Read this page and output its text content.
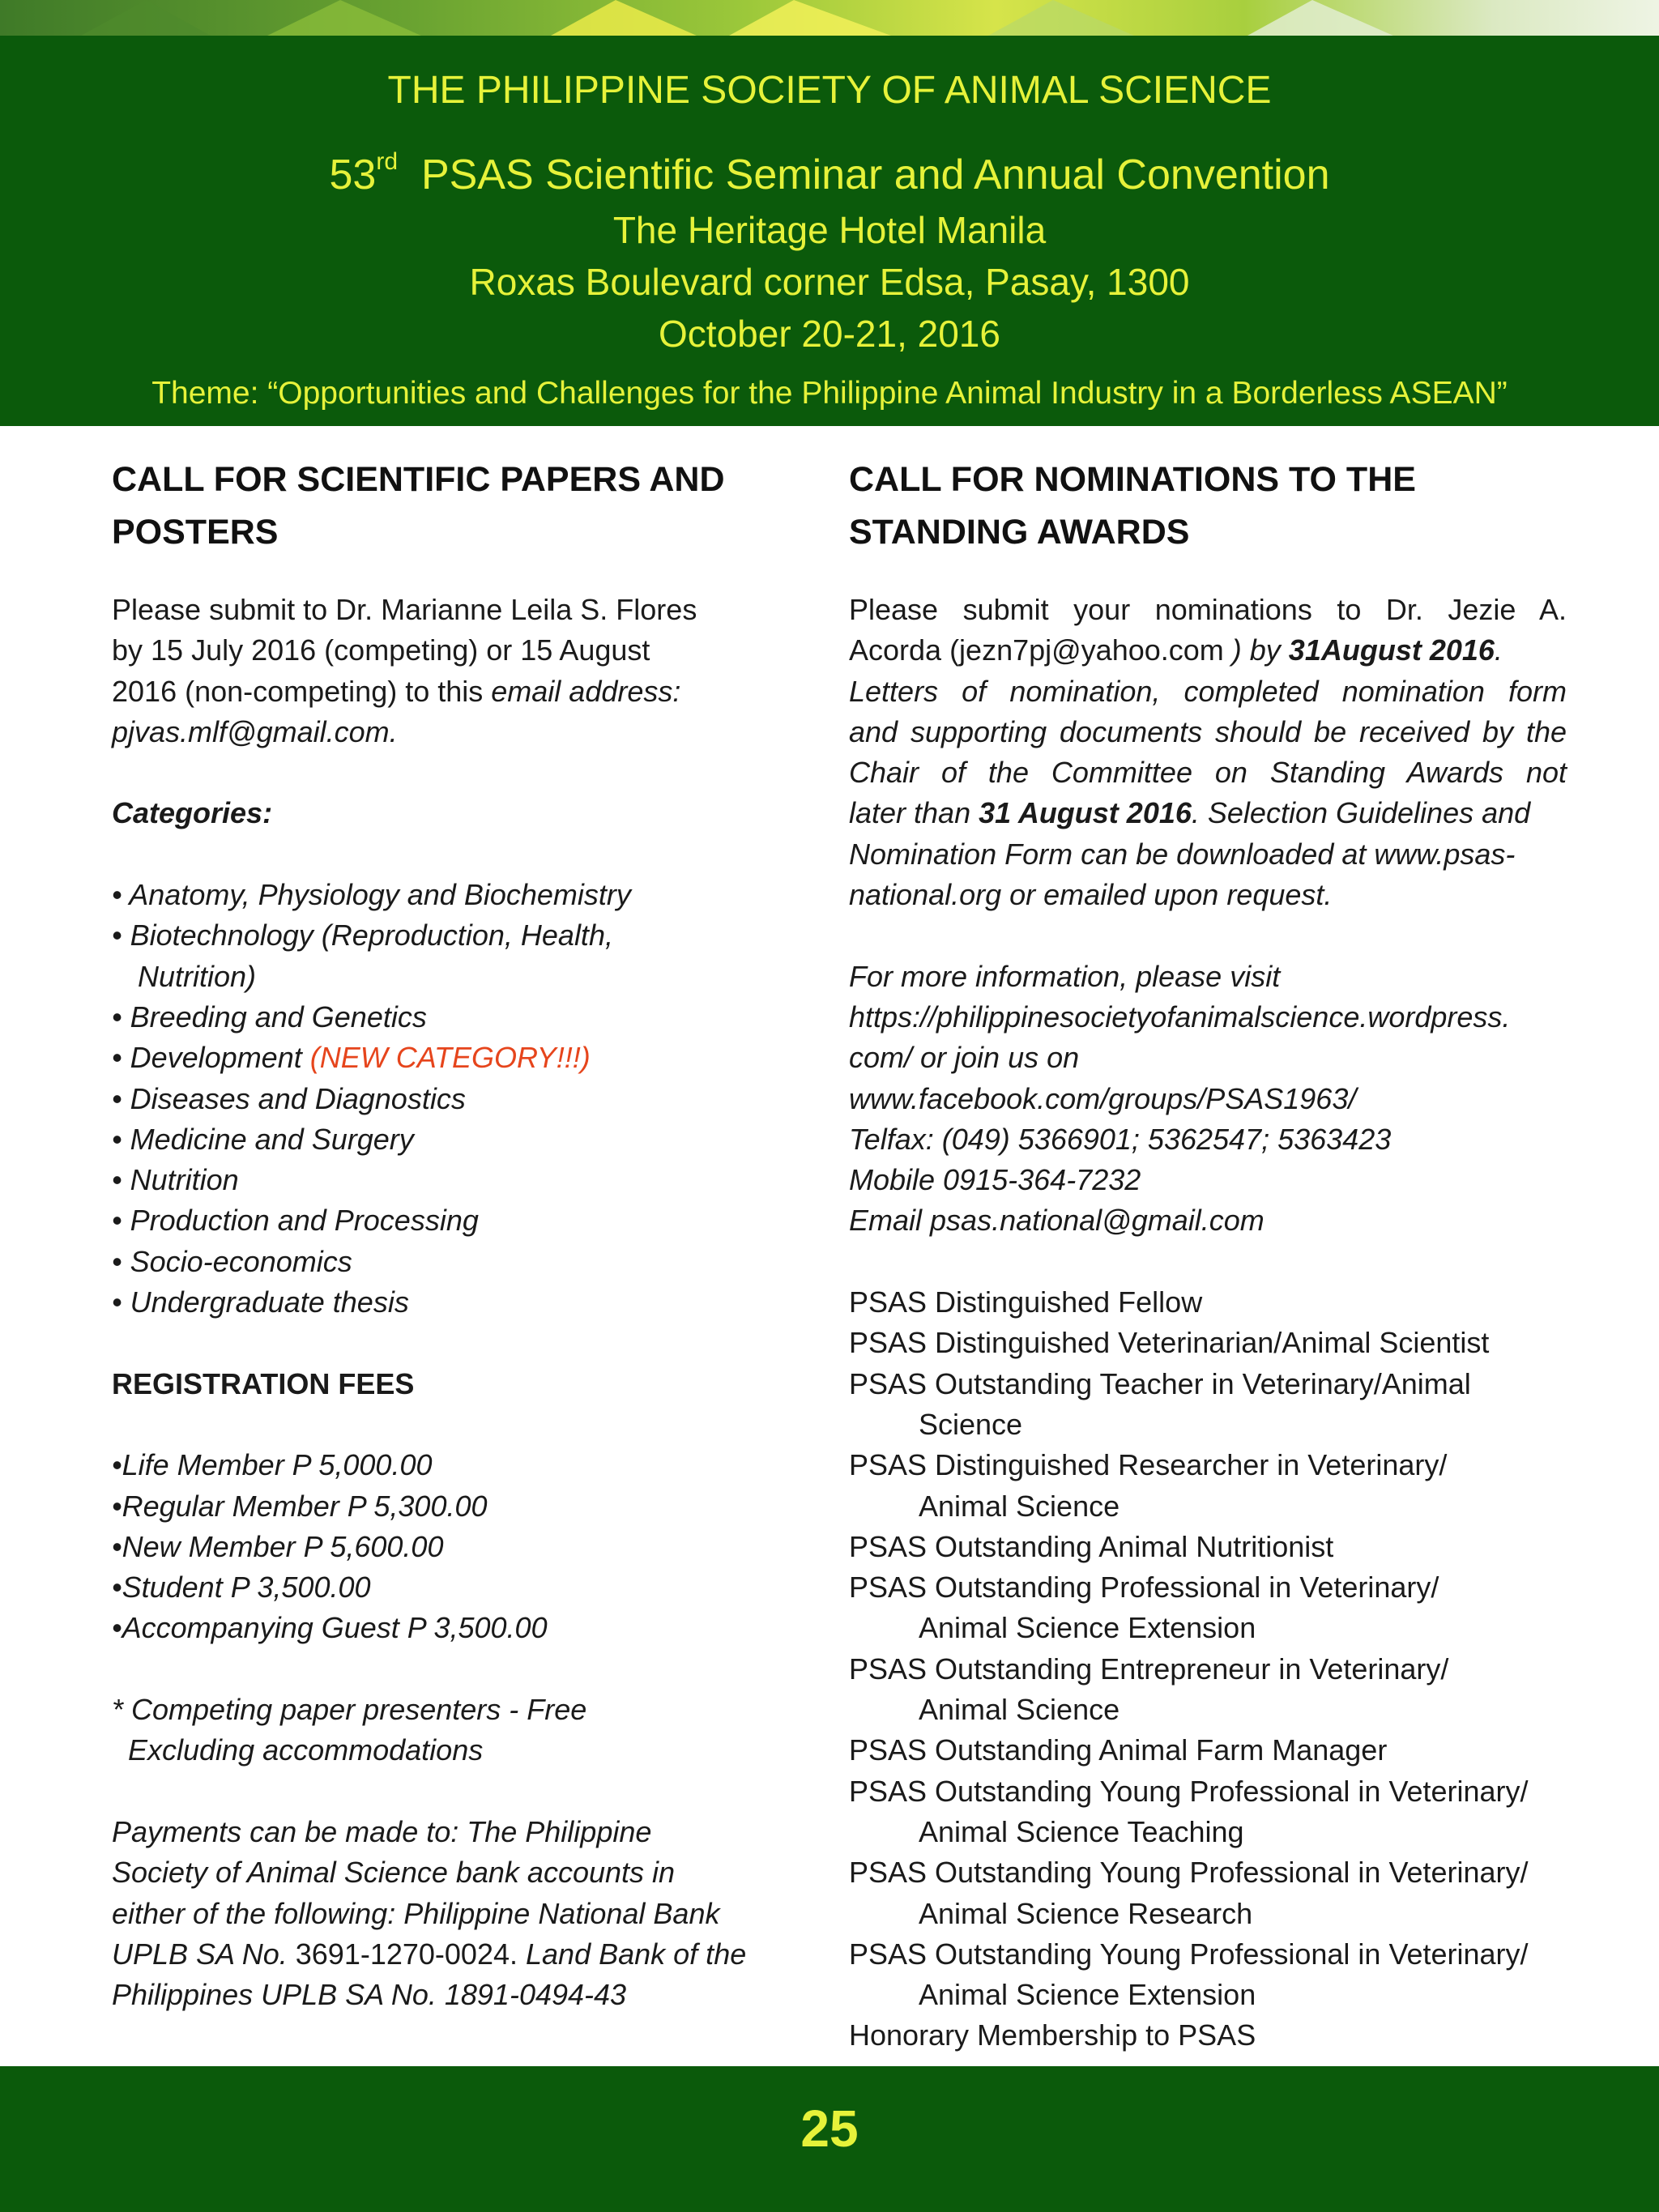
THE PHILIPPINE SOCIETY OF ANIMAL SCIENCE
53rd PSAS Scientific Seminar and Annual Convention
The Heritage Hotel Manila
Roxas Boulevard corner Edsa, Pasay, 1300
October 20-21, 2016
Theme: “Opportunities and Challenges for the Philippine Animal Industry in a Borderless ASEAN”

CALL FOR SCIENTIFIC PAPERS AND
POSTERS

Please submit to Dr. Marianne Leila S. Flores
by 15 July 2016 (competing) or 15 August
2016 (non-competing) to this email address:
pjvas.mlf@gmail.com.

Categories:

• Anatomy, Physiology and Biochemistry
• Biotechnology (Reproduction, Health,
Nutrition)
• Breeding and Genetics
• Development (NEW CATEGORY!!!)
• Diseases and Diagnostics
• Medicine and Surgery
• Nutrition
• Production and Processing
• Socio-economics
• Undergraduate thesis

REGISTRATION FEES

•Life Member P 5,000.00
•Regular Member P 5,300.00
•New Member P 5,600.00
•Student P 3,500.00
•Accompanying Guest P 3,500.00
* Competing paper presenters - Free
Excluding accommodations
Payments can be made to: The Philippine
Society of Animal Science bank accounts in
either of the following: Philippine National Bank
UPLB SA No. 3691-1270-0024. Land Bank of the
Philippines UPLB SA No. 1891-0494-43

CALL FOR NOMINATIONS TO THE
STANDING AWARDS

Please submit your nominations to Dr. Jezie A.
Acorda (jezn7pj@yahoo.com ) by 31August 2016.
Letters of nomination, completed nomination form
and supporting documents should be received by the
Chair of the Committee on Standing Awards not
later than 31 August 2016. Selection Guidelines and
Nomination Form can be downloaded at www.psas-
national.org or emailed upon request.
For more information, please visit
https://philippinesocietyofanimalscience.wordpress.
com/ or join us on
www.facebook.com/groups/PSAS1963/
Telfax: (049) 5366901; 5362547; 5363423
Mobile 0915-364-7232
Email psas.national@gmail.com
PSAS Distinguished Fellow
PSAS Distinguished Veterinarian/Animal Scientist
PSAS Outstanding Teacher in Veterinary/Animal
Science
PSAS Distinguished Researcher in Veterinary/
Animal Science
PSAS Outstanding Animal Nutritionist
PSAS Outstanding Professional in Veterinary/
Animal Science Extension
PSAS Outstanding Entrepreneur in Veterinary/
Animal Science
PSAS Outstanding Animal Farm Manager
PSAS Outstanding Young Professional in Veterinary/
Animal Science Teaching
PSAS Outstanding Young Professional in Veterinary/
Animal Science Research
PSAS Outstanding Young Professional in Veterinary/
Animal Science Extension
Honorary Membership to PSAS
25
